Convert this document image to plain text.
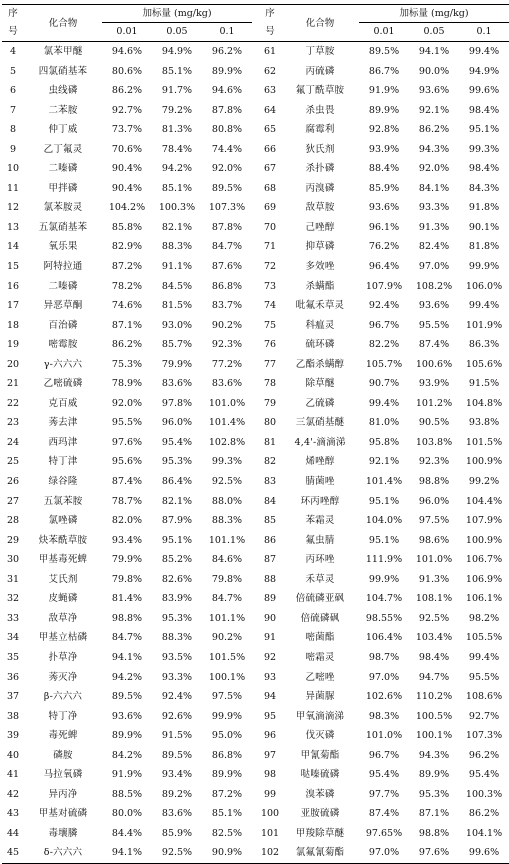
序	化合物	加标量 (mg/kg)				序	化合物	加标量 (mg/kg)		
号		0.01	0.05	0.1		号		0.01	0.05	0.1
4	氯苯甲醚	94.6%	94.9%	96.2%		61	丁草胺	89.5%	94.1%	99.4%
5	四氯硝基苯	80.6%	85.1%	89.9%		62	丙硫磷	86.7%	90.0%	94.9%
6	虫线磷	86.2%	91.7%	94.6%		63	氟丁酰草胺	91.9%	93.6%	99.6%
7	二苯胺	92.7%	79.2%	87.8%		64	杀虫畏	89.9%	92.1%	98.4%
8	仲丁威	73.7%	81.3%	80.8%		65	腐霉利	92.8%	86.2%	95.1%
9	乙丁氟灵	70.6%	78.4%	74.4%		66	狄氏剂	93.9%	94.3%	99.3%
10	二嗪磷	90.4%	94.2%	92.0%		67	杀扑磷	88.4%	92.0%	98.4%
11	甲拌磷	90.4%	85.1%	89.5%		68	丙溴磷	85.9%	84.1%	84.3%
12	氯苯胺灵	104.2%	100.3%	107.3%		69	敌草胺	93.6%	93.3%	91.8%
13	五氯硝基苯	85.8%	82.1%	87.8%		70	己唑醇	96.1%	91.3%	90.1%
14	氧乐果	82.9%	88.3%	84.7%		71	抑草磷	76.2%	82.4%	81.8%
15	阿特拉通	87.2%	91.1%	87.6%		72	多效唑	96.4%	97.0%	99.9%
16	二嗪磷	78.2%	84.5%	86.8%		73	杀螨酯	107.9%	108.2%	106.0%
17	异恶草酮	74.6%	81.5%	83.7%		74	吡氟禾草灵	92.4%	93.6%	99.4%
18	百治磷	87.1%	93.0%	90.2%		75	科瘟灵	96.7%	95.5%	101.9%
19	嘧霉胺	86.2%	85.7%	92.3%		76	硫环磷	82.2%	87.4%	86.3%
20	γ-六六六	75.3%	79.9%	77.2%		77	乙酯杀螨醇	105.7%	100.6%	105.6%
21	乙嘧硫磷	78.9%	83.6%	83.6%		78	除草醚	90.7%	93.9%	91.5%
22	克百威	92.0%	97.8%	101.0%		79	乙硫磷	99.4%	101.2%	104.8%
23	莠去津	95.5%	96.0%	101.4%		80	三氯硝基醚	81.0%	90.5%	93.8%
24	西玛津	97.6%	95.4%	102.8%		81	4,4'-滴滴涕	95.8%	103.8%	101.5%
25	特丁津	95.6%	95.3%	99.3%		82	烯唑醇	92.1%	92.3%	100.9%
26	绿谷隆	87.4%	86.4%	92.5%		83	腈菌唑	101.4%	98.8%	99.2%
27	五氯苯胺	78.7%	82.1%	88.0%		84	环丙唑醇	95.1%	96.0%	104.4%
28	氯唑磷	82.0%	87.9%	88.3%		85	苯霜灵	104.0%	97.5%	107.9%
29	炔苯酰草胺	93.4%	95.1%	101.1%		86	氟虫腈	95.1%	98.6%	100.9%
30	甲基毒死蜱	79.9%	85.2%	84.6%		87	丙环唑	111.9%	101.0%	106.7%
31	艾氏剂	79.8%	82.6%	79.8%		88	禾草灵	99.9%	91.3%	106.9%
32	皮蝇磷	81.4%	83.9%	84.7%		89	倍硫磷亚砜	104.7%	108.1%	106.1%
33	敌草净	98.8%	95.3%	101.1%		90	倍硫磷砜	98.55%	92.5%	98.2%
34	甲基立枯磷	84.7%	88.3%	90.2%		91	嘧菌酯	106.4%	103.4%	105.5%
35	扑草净	94.1%	93.5%	101.5%		92	嘧霜灵	98.7%	98.4%	99.4%
36	莠灭净	94.2%	93.3%	100.1%		93	乙嘧唑	97.0%	94.7%	95.5%
37	β-六六六	89.5%	92.4%	97.5%		94	异菌脲	102.6%	110.2%	108.6%
38	特丁净	93.6%	92.6%	99.9%		95	甲氧滴滴涕	98.3%	100.5%	92.7%
39	毒死蜱	89.9%	91.5%	95.0%		96	伐灭磷	101.0%	100.1%	107.3%
40	磷胺	84.2%	89.5%	86.8%		97	甲氰菊酯	96.7%	94.3%	96.2%
41	马拉氧磷	91.9%	93.4%	89.9%		98	哒嗪硫磷	95.4%	89.9%	95.4%
42	异丙净	88.5%	89.2%	87.2%		99	溴苯磷	97.7%	95.3%	100.3%
43	甲基对硫磷	80.0%	83.6%	85.1%		100	亚胺硫磷	87.4%	87.1%	86.2%
44	毒壤膦	84.4%	85.9%	82.5%		101	甲羧除草醚	97.65%	98.8%	104.1%
45	δ-六六六	94.1%	92.5%	90.9%		102	氯氟氰菊酯	97.0%	97.6%	99.6%
